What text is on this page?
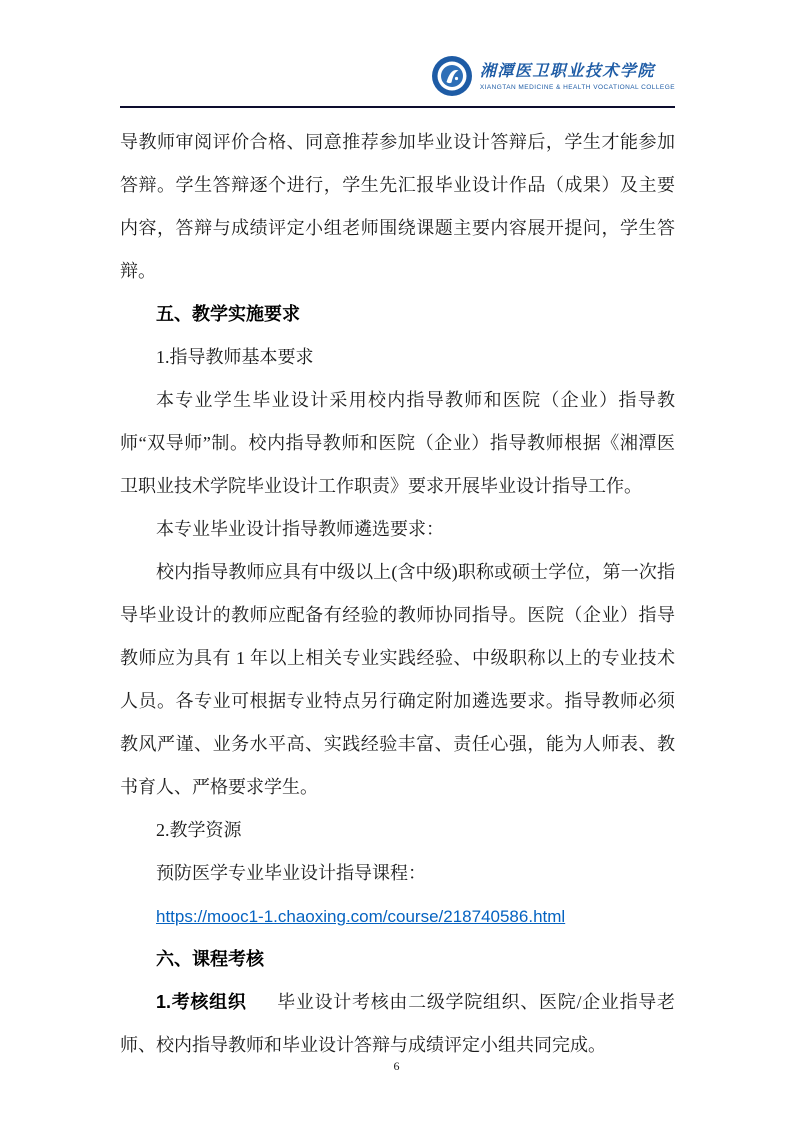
湘潭医卫职业技术学院
XIANGTAN MEDICINE & HEALTH VOCATIONAL COLLEGE

导教师审阅评价合格、同意推荐参加毕业设计答辩后，学生才能参加答辩。学生答辩逐个进行，学生先汇报毕业设计作品（成果）及主要内容，答辩与成绩评定小组老师围绕课题主要内容展开提问，学生答辩。

五、教学实施要求

1.指导教师基本要求

本专业学生毕业设计采用校内指导教师和医院（企业）指导教师“双导师”制。校内指导教师和医院（企业）指导教师根据《湘潭医卫职业技术学院毕业设计工作职责》要求开展毕业设计指导工作。

本专业毕业设计指导教师遴选要求：

校内指导教师应具有中级以上(含中级)职称或硕士学位，第一次指导毕业设计的教师应配备有经验的教师协同指导。医院（企业）指导教师应为具有 1 年以上相关专业实践经验、中级职称以上的专业技术人员。各专业可根据专业特点另行确定附加遴选要求。指导教师必须教风严谨、业务水平高、实践经验丰富、责任心强，能为人师表、教书育人、严格要求学生。

2.教学资源

预防医学专业毕业设计指导课程：

https://mooc1-1.chaoxing.com/course/218740586.html

六、课程考核

1.考核组织 毕业设计考核由二级学院组织、医院/企业指导老师、校内指导教师和毕业设计答辩与成绩评定小组共同完成。

6
